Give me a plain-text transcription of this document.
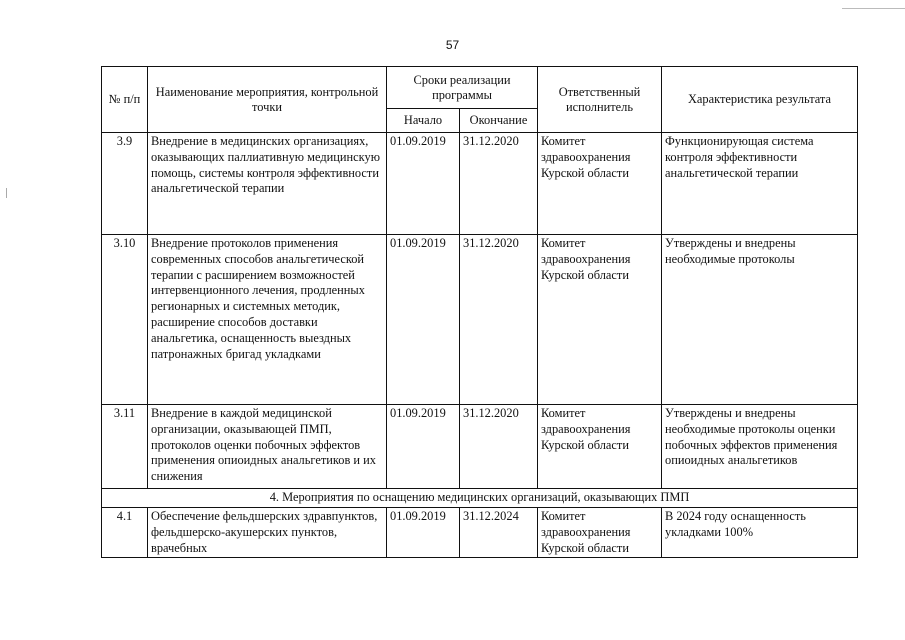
57
№ п/п	Наименование мероприятия, контрольной точки	Сроки реализации программы		Ответственный исполнитель	Характеристика результата
		Начало	Окончание		
3.9	Внедрение в медицинских организациях, оказывающих паллиативную медицинскую помощь, системы контроля эффективности анальгетической терапии	01.09.2019	31.12.2020	Комитет здравоохранения Курской области	Функционирующая система контроля эффективности анальгетической терапии
3.10	Внедрение протоколов применения современных способов анальгетической терапии с расширением возможностей интервенционного лечения, продленных регионарных и системных методик, расширение способов доставки анальгетика, оснащенность выездных патронажных бригад укладками	01.09.2019	31.12.2020	Комитет здравоохранения Курской области	Утверждены и внедрены необходимые протоколы
3.11	Внедрение в каждой медицинской организации, оказывающей ПМП, протоколов оценки побочных эффектов применения опиоидных анальгетиков и их снижения	01.09.2019	31.12.2020	Комитет здравоохранения Курской области	Утверждены и внедрены необходимые протоколы оценки побочных эффектов применения опиоидных анальгетиков
4. Мероприятия по оснащению медицинских организаций, оказывающих ПМП					
4.1	Обеспечение фельдшерских здравпунктов, фельдшерско-акушерских пунктов, врачебных	01.09.2019	31.12.2024	Комитет здравоохранения Курской области	В 2024 году оснащенность укладками 100%
